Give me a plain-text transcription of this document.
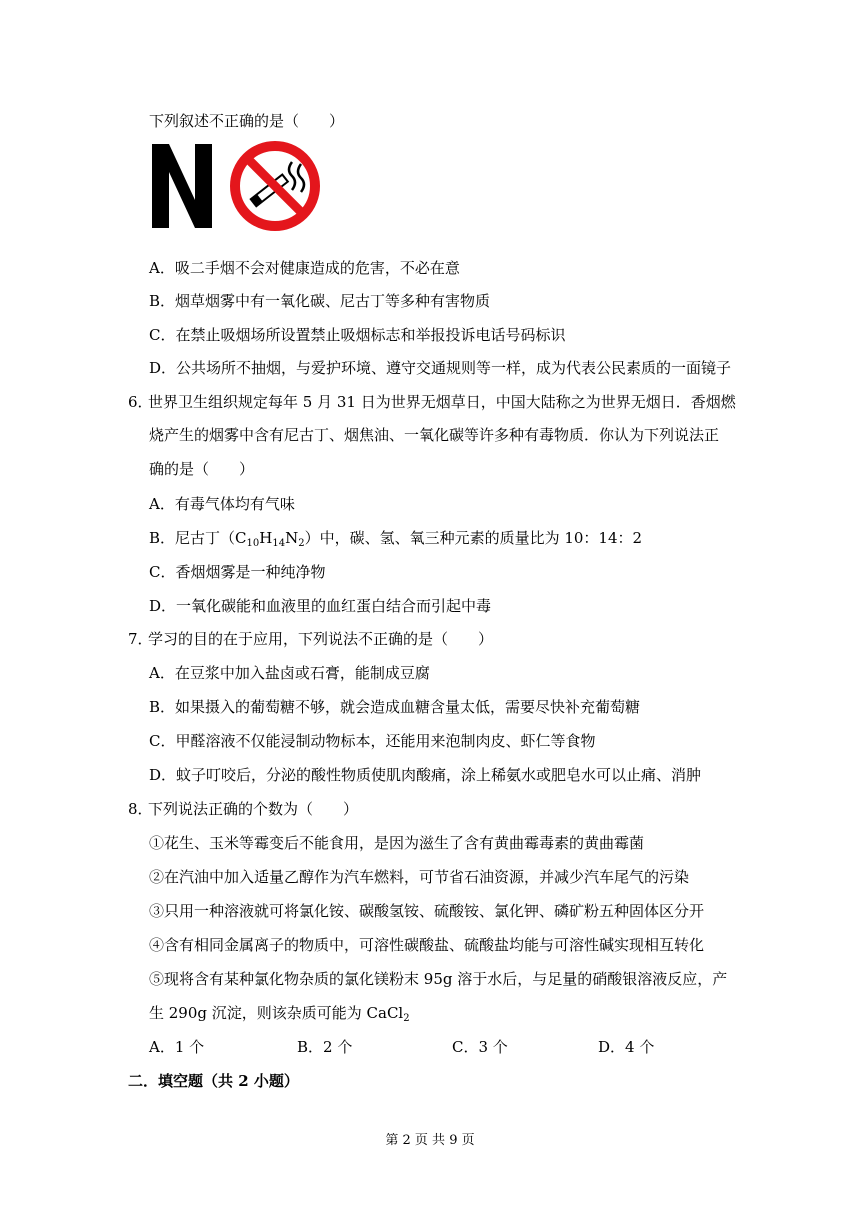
下列叙述不正确的是（　　）
A．吸二手烟不会对健康造成的危害，不必在意
B．烟草烟雾中有一氧化碳、尼古丁等多种有害物质
C．在禁止吸烟场所设置禁止吸烟标志和举报投诉电话号码标识
D．公共场所不抽烟，与爱护环境、遵守交通规则等一样，成为代表公民素质的一面镜子
6．世界卫生组织规定每年 5 月 31 日为世界无烟草日，中国大陆称之为世界无烟日．香烟燃
烧产生的烟雾中含有尼古丁、烟焦油、一氧化碳等许多种有毒物质．你认为下列说法正
确的是（　　）
A．有毒气体均有气味
B．尼古丁$(C_{10}H_{14}N_2)$中，碳、氢、氧三种元素的质量比为 10：14：2
C．香烟烟雾是一种纯净物
D．一氧化碳能和血液里的血红蛋白结合而引起中毒
7．学习的目的在于应用，下列说法不正确的是（　　）
A．在豆浆中加入盐卤或石膏，能制成豆腐
B．如果摄入的葡萄糖不够，就会造成血糖含量太低，需要尽快补充葡萄糖
C．甲醛溶液不仅能浸制动物标本，还能用来泡制肉皮、虾仁等食物
D．蚊子叮咬后，分泌的酸性物质使肌肉酸痛，涂上稀氨水或肥皂水可以止痛、消肿
8．下列说法正确的个数为（　　）
①花生、玉米等霉变后不能食用，是因为滋生了含有黄曲霉毒素的黄曲霉菌
②在汽油中加入适量乙醇作为汽车燃料，可节省石油资源，并减少汽车尾气的污染
③只用一种溶液就可将氯化铵、碳酸氢铵、硫酸铵、氯化钾、磷矿粉五种固体区分开
④含有相同金属离子的物质中，可溶性碳酸盐、硫酸盐均能与可溶性碱实现相互转化
⑤现将含有某种氯化物杂质的氯化镁粉末 95g 溶于水后，与足量的硝酸银溶液反应，产
生 290g 沉淀，则该杂质可能为 CaCl$_2$
A．1 个	B．2 个	C．3 个	D．4 个
二．填空题（共 2 小题）
第 2 页 共 9 页
